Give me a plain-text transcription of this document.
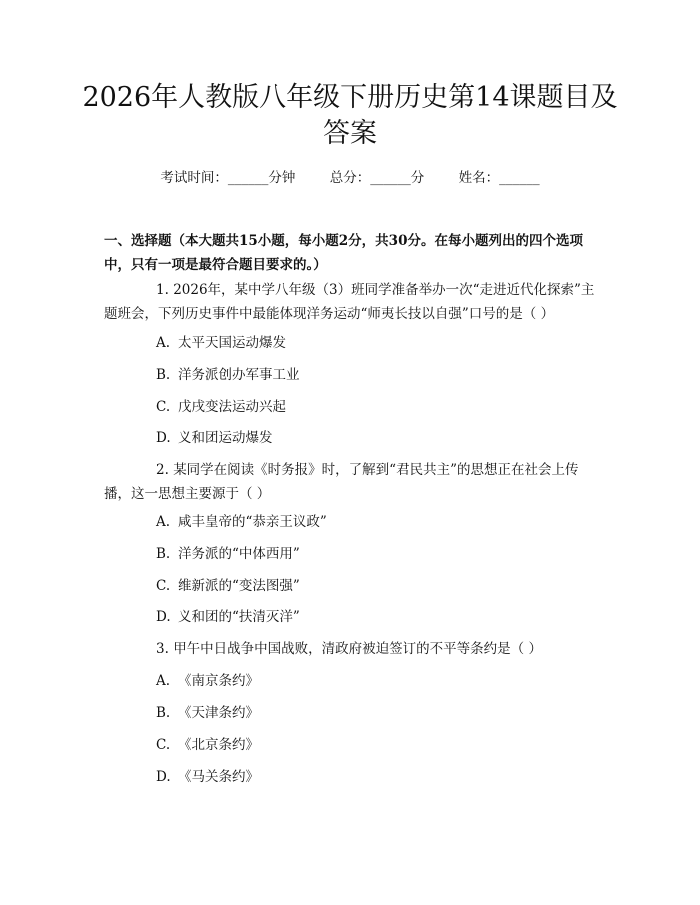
2026年人教版八年级下册历史第14课题目及答案
考试时间：______分钟	总分：______分	姓名：______

一、选择题（本大题共15小题，每小题2分，共30分。在每小题列出的四个选项中，只有一项是最符合题目要求的。）

1. 2026年，某中学八年级（3）班同学准备举办一次“走进近代化探索”主题班会，下列历史事件中最能体现洋务运动“师夷长技以自强”口号的是（ ）

A. 太平天国运动爆发
B. 洋务派创办军事工业
C. 戊戌变法运动兴起
D. 义和团运动爆发

2. 某同学在阅读《时务报》时，了解到“君民共主”的思想正在社会上传播，这一思想主要源于（ ）

A. 咸丰皇帝的“恭亲王议政”
B. 洋务派的“中体西用”
C. 维新派的“变法图强”
D. 义和团的“扶清灭洋”

3. 甲午中日战争中国战败，清政府被迫签订的不平等条约是（ ）

A. 《南京条约》
B. 《天津条约》
C. 《北京条约》
D. 《马关条约》
